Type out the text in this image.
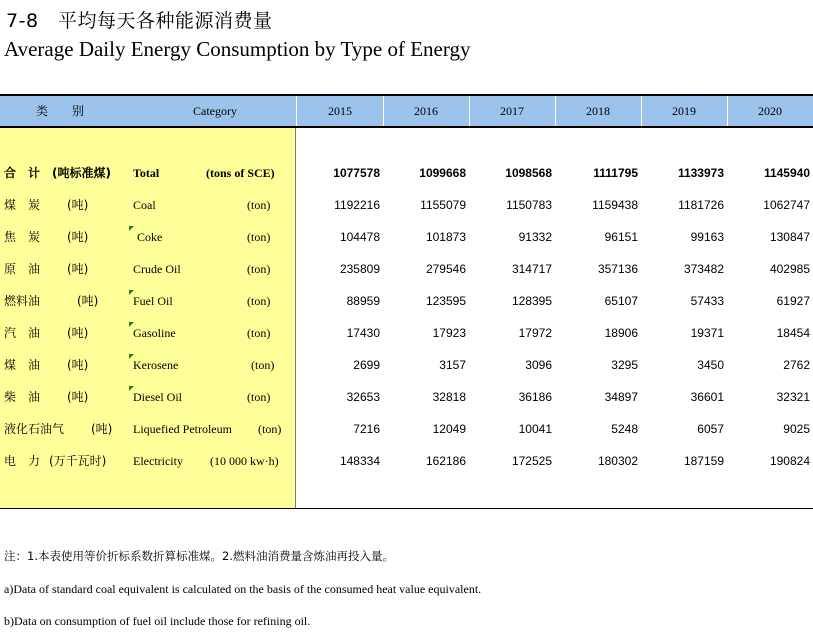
7-8　平均每天各种能源消费量
Average Daily Energy Consumption by Type of Energy
类　　别	Category	2015	2016	2017	2018	2019	2020
合　计 (吨标准煤) Total	(tons of SCE)	1077578	1099668	1098568	1111795	1133973	1145940
煤　炭 (吨)	Coal	(ton)	1192216	1155079	1150783	1159438	1181726	1062747
焦　炭 (吨)	Coke	(ton)	104478	101873	91332	96151	99163	130847
原　油 (吨)	Crude Oil	(ton)	235809	279546	314717	357136	373482	402985
燃料油	(吨)	Fuel Oil	(ton)	88959	123595	128395	65107	57433	61927
汽　油 (吨)	Gasoline	(ton)	17430	17923	17972	18906	19371	18454
煤　油 (吨)	Kerosene	(ton)	2699	3157	3096	3295	3450	2762
柴　油 (吨)	Diesel Oil	(ton)	32653	32818	36186	34897	36601	32321
液化石油气 (吨) Liquefied Petroleum (ton)	7216	12049	10041	5248	6057	9025
电　力 (万千瓦时) Electricity (10 000 kw·h)	148334	162186	172525	180302	187159	190824
注：1.本表使用等价折标系数折算标准煤。2.燃料油消费量含炼油再投入量。
a)Data of standard coal equivalent is calculated on the basis of the consumed heat value equivalent.
b)Data on consumption of fuel oil include those for refining oil.
